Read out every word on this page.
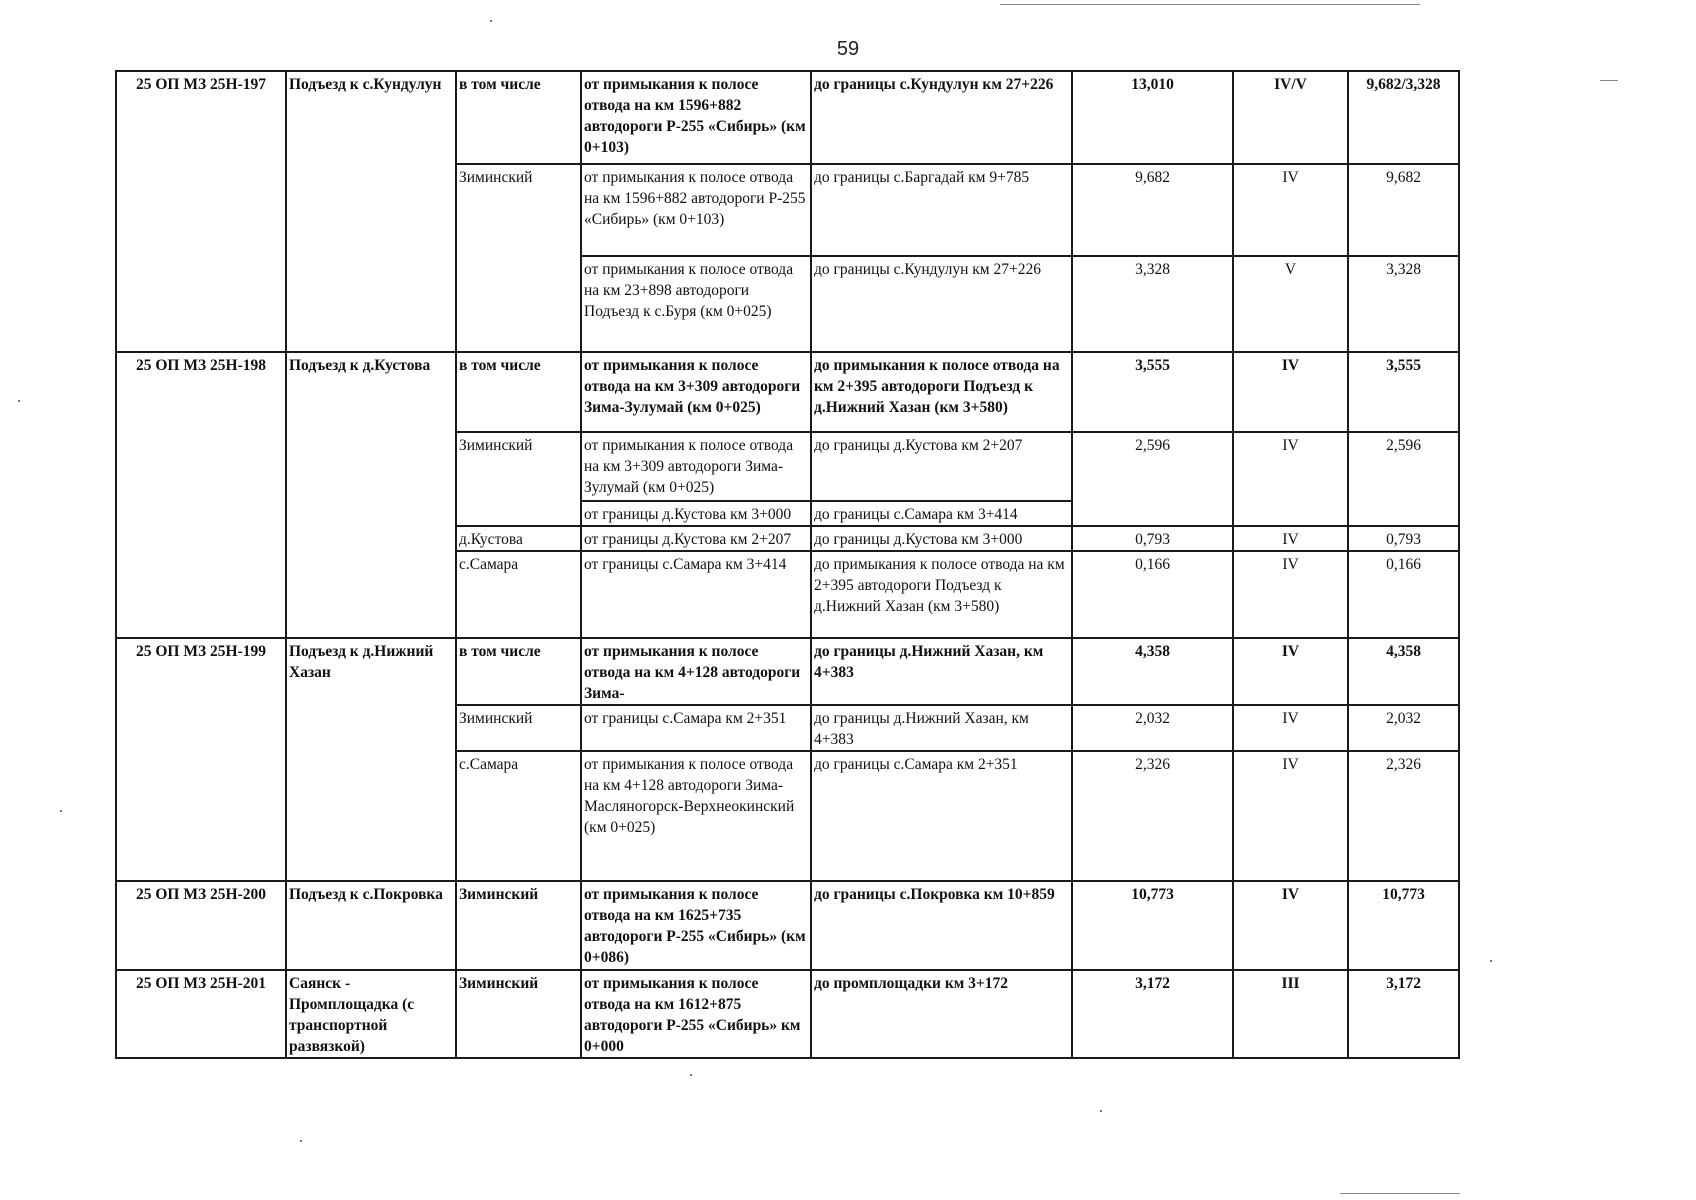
59
25 ОП МЗ 25Н-197	Подъезд к с.Кундулун	в том числе	от примыкания к полосе отвода на км 1596+882 автодороги Р-255 «Сибирь» (км 0+103)	до границы с.Кундулун км 27+226	13,010	IV/V	9,682/3,328
		Зиминский	от примыкания к полосе отвода на км 1596+882 автодороги Р-255 «Сибирь» (км 0+103)	до границы с.Баргадай км 9+785	9,682	IV	9,682
			от примыкания к полосе отвода на км 23+898 автодороги Подъезд к с.Буря (км 0+025)	до границы с.Кундулун км 27+226	3,328	V	3,328
25 ОП МЗ 25Н-198	Подъезд к д.Кустова	в том числе	от примыкания к полосе отвода на км 3+309 автодороги Зима-Зулумай (км 0+025)	до примыкания к полосе отвода на км 2+395 автодороги Подъезд к д.Нижний Хазан (км 3+580)	3,555	IV	3,555
		Зиминский	от примыкания к полосе отвода на км 3+309 автодороги Зима-Зулумай (км 0+025)	до границы д.Кустова км 2+207	2,596	IV	2,596
			от границы д.Кустова км 3+000	до границы с.Самара км 3+414			
		д.Кустова	от границы д.Кустова км 2+207	до границы д.Кустова км 3+000	0,793	IV	0,793
		с.Самара	от границы с.Самара км 3+414	до примыкания к полосе отвода на км 2+395 автодороги Подъезд к д.Нижний Хазан (км 3+580)	0,166	IV	0,166
25 ОП МЗ 25Н-199	Подъезд к д.Нижний Хазан	в том числе	от примыкания к полосе отвода на км 4+128 автодороги Зима-	до границы д.Нижний Хазан, км 4+383	4,358	IV	4,358
		Зиминский	от границы с.Самара км 2+351	до границы д.Нижний Хазан, км 4+383	2,032	IV	2,032
		с.Самара	от примыкания к полосе отвода на км 4+128 автодороги Зима-Масляногорск-Верхнеокинский (км 0+025)	до границы с.Самара км 2+351	2,326	IV	2,326
25 ОП МЗ 25Н-200	Подъезд к с.Покровка	Зиминский	от примыкания к полосе отвода на км 1625+735 автодороги Р-255 «Сибирь» (км 0+086)	до границы с.Покровка км 10+859	10,773	IV	10,773
25 ОП МЗ 25Н-201	Саянск - Промплощадка (с транспортной развязкой)	Зиминский	от примыкания к полосе отвода на км 1612+875 автодороги Р-255 «Сибирь» км 0+000	до промплощадки км 3+172	3,172	III	3,172
